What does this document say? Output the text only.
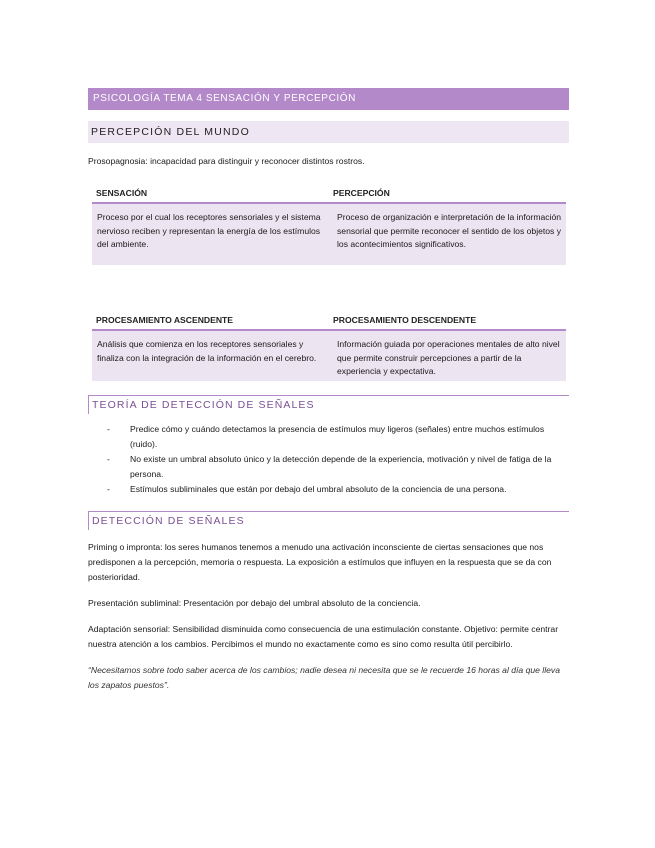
PSICOLOGÍA TEMA 4 SENSACIÓN Y PERCEPCIÓN
PERCEPCIÓN DEL MUNDO

Prosopagnosia: incapacidad para distinguir y reconocer distintos rostros.

SENSACIÓN	PERCEPCIÓN
Proceso por el cual los receptores sensoriales y el sistema nervioso reciben y representan la energía de los estímulos del ambiente.	Proceso de organización e interpretación de la información sensorial que permite reconocer el sentido de los objetos y los acontecimientos significativos.
PROCESAMIENTO ASCENDENTE	PROCESAMIENTO DESCENDENTE
Análisis que comienza en los receptores sensoriales y finaliza con la integración de la información en el cerebro.	Información guiada por operaciones mentales de alto nivel que permite construir percepciones a partir de la experiencia y expectativa.
TEORÍA DE DETECCIÓN DE SEÑALES
- Predice cómo y cuándo detectamos la presencia de estímulos muy ligeros (señales) entre muchos estímulos (ruido).
- No existe un umbral absoluto único y la detección depende de la experiencia, motivación y nivel de fatiga de la persona.
- Estímulos subliminales que están por debajo del umbral absoluto de la conciencia de una persona.
DETECCIÓN DE SEÑALES

Priming o impronta: los seres humanos tenemos a menudo una activación inconsciente de ciertas sensaciones que nos predisponen a la percepción, memoria o respuesta. La exposición a estímulos que influyen en la respuesta que se da con posterioridad.

Presentación subliminal: Presentación por debajo del umbral absoluto de la conciencia.

Adaptación sensorial: Sensibilidad disminuida como consecuencia de una estimulación constante. Objetivo: permite centrar nuestra atención a los cambios. Percibimos el mundo no exactamente como es sino como resulta útil percibirlo.

“Necesitamos sobre todo saber acerca de los cambios; nadie desea ni necesita que se le recuerde 16 horas al día que lleva los zapatos puestos”.
